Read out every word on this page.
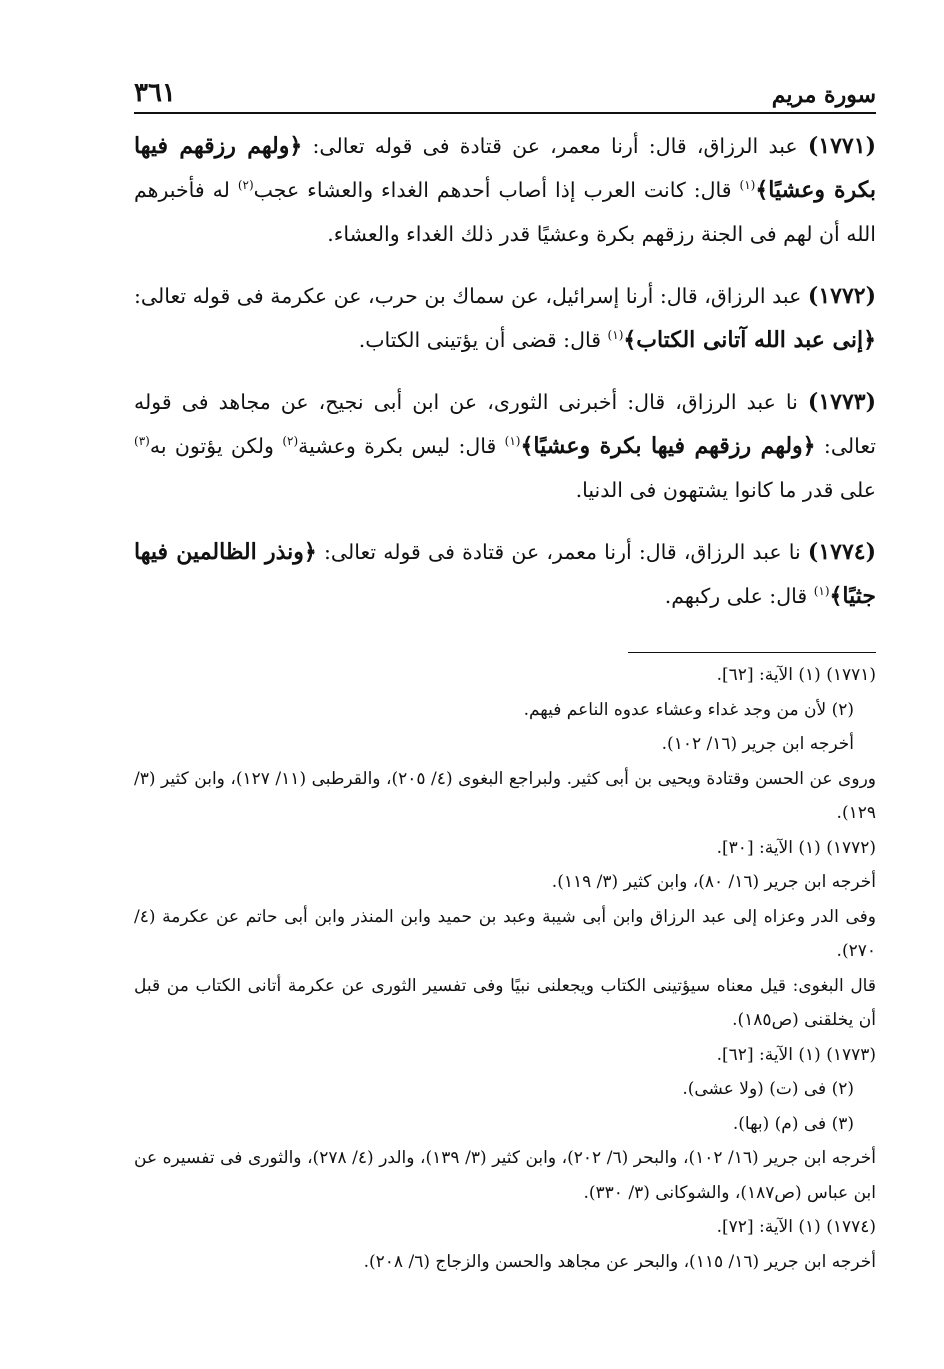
سورة مريم
٣٦١

(١٧٧١) عبد الرزاق، قال: أرنا معمر، عن قتادة فى قوله تعالى: ﴿ولهم رزقهم فيها بكرة وعشيًا﴾$^{(١)}$ قال: كانت العرب إذا أصاب أحدهم الغداء والعشاء عجب$^{(٢)}$ له فأخبرهم الله أن لهم فى الجنة رزقهم بكرة وعشيًا قدر ذلك الغداء والعشاء.

(١٧٧٢) عبد الرزاق، قال: أرنا إسرائيل، عن سماك بن حرب، عن عكرمة فى قوله تعالى: ﴿إنى عبد الله آتانى الكتاب﴾$^{(١)}$ قال: قضى أن يؤتينى الكتاب.

(١٧٧٣) نا عبد الرزاق، قال: أخبرنى الثورى، عن ابن أبى نجيح، عن مجاهد فى قوله تعالى: ﴿ولهم رزقهم فيها بكرة وعشيًا﴾$^{(١)}$ قال: ليس بكرة وعشية$^{(٢)}$ ولكن يؤتون به$^{(٣)}$ على قدر ما كانوا يشتهون فى الدنيا.

(١٧٧٤) نا عبد الرزاق، قال: أرنا معمر، عن قتادة فى قوله تعالى: ﴿ونذر الظالمين فيها جثيًا﴾$^{(١)}$ قال: على ركبهم.

(١٧٧١) (١) الآية: [٦٢].

(٢) لأن من وجد غداء وعشاء عدوه الناعم فيهم.

أخرجه ابن جرير (١٦/ ١٠٢).

وروى عن الحسن وقتادة ويحيى بن أبى كثير. ولبراجع البغوى (٤/ ٢٠٥)، والقرطبى (١١/ ١٢٧)، وابن كثير (٣/ ١٢٩).

(١٧٧٢) (١) الآية: [٣٠].

أخرجه ابن جرير (١٦/ ٨٠)، وابن كثير (٣/ ١١٩).

وفى الدر وعزاه إلى عبد الرزاق وابن أبى شيبة وعبد بن حميد وابن المنذر وابن أبى حاتم عن عكرمة (٤/ ٢٧٠).

قال البغوى: قيل معناه سيؤتينى الكتاب ويجعلنى نبيًا وفى تفسير الثورى عن عكرمة أتانى الكتاب من قبل أن يخلقنى (ص١٨٥).

(١٧٧٣) (١) الآية: [٦٢].

(٢) فى (ت) (ولا عشى).

(٣) فى (م) (بها).

أخرجه ابن جرير (١٦/ ١٠٢)، والبحر (٦/ ٢٠٢)، وابن كثير (٣/ ١٣٩)، والدر (٤/ ٢٧٨)، والثورى فى تفسيره عن ابن عباس (ص١٨٧)، والشوكانى (٣/ ٣٣٠).

(١٧٧٤) (١) الآية: [٧٢].

أخرجه ابن جرير (١٦/ ١١٥)، والبحر عن مجاهد والحسن والزجاج (٦/ ٢٠٨).
